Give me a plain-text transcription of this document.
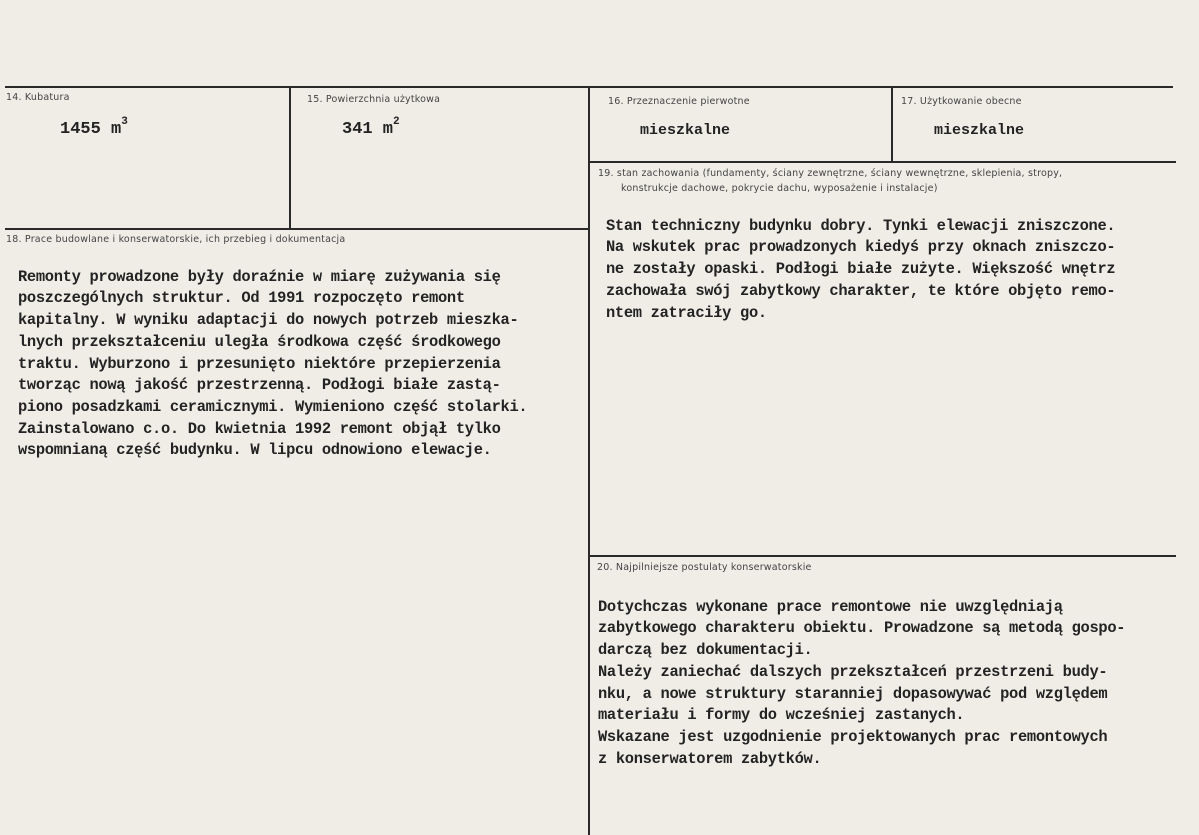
14. Kubatura
1455 $m^3$
15. Powierzchnia użytkowa
341 $m^2$
16. Przeznaczenie pierwotne
mieszkalne
17. Użytkowanie obecne
mieszkalne
18. Prace budowlane i konserwatorskie, ich przebieg i dokumentacja

Remonty prowadzone były doraźnie w miarę zużywania się
poszczególnych struktur. Od 1991 rozpoczęto remont
kapitalny. W wyniku adaptacji do nowych potrzeb mieszka-
lnych przekształceniu uległa środkowa część środkowego
traktu. Wyburzono i przesunięto niektóre przepierzenia
tworząc nową jakość przestrzenną. Podłogi białe zastą-
piono posadzkami ceramicznymi. Wymieniono część stolarki.
Zainstalowano c.o. Do kwietnia 1992 remont objął tylko
wspomnianą część budynku. W lipcu odnowiono elewacje.

19. stan zachowania (fundamenty, ściany zewnętrzne, ściany wewnętrzne, sklepienia, stropy,
konstrukcje dachowe, pokrycie dachu, wyposażenie i instalacje)

Stan techniczny budynku dobry. Tynki elewacji zniszczone.
Na wskutek prac prowadzonych kiedyś przy oknach zniszczo-
ne zostały opaski. Podłogi białe zużyte. Większość wnętrz
zachowała swój zabytkowy charakter, te które objęto remo-
ntem zatraciły go.

20. Najpilniejsze postulaty konserwatorskie

Dotychczas wykonane prace remontowe nie uwzględniają
zabytkowego charakteru obiektu. Prowadzone są metodą gospo-
darczą bez dokumentacji.
Należy zaniechać dalszych przekształceń przestrzeni budy-
nku, a nowe struktury staranniej dopasowywać pod względem
materiału i formy do wcześniej zastanych.
Wskazane jest uzgodnienie projektowanych prac remontowych
z konserwatorem zabytków.
